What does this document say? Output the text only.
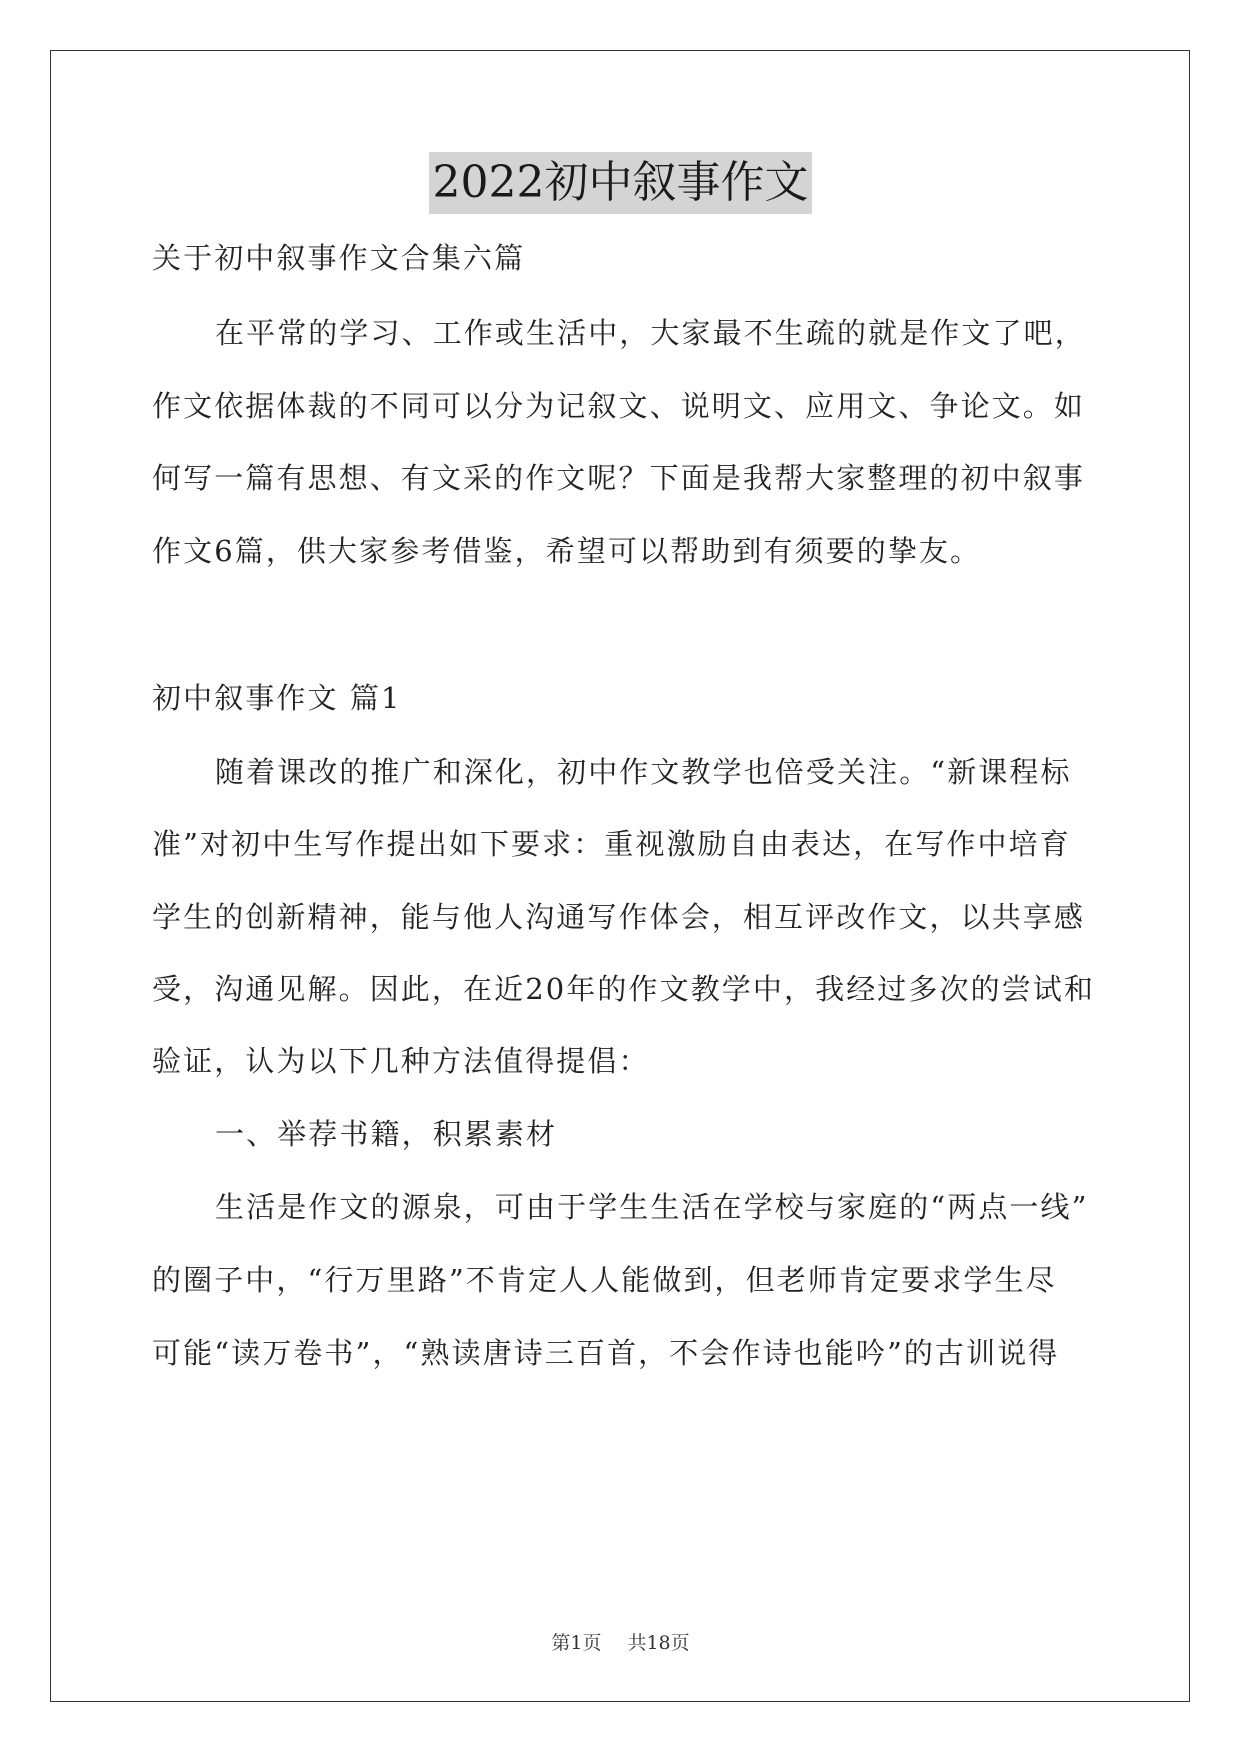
2022初中叙事作文
关于初中叙事作文合集六篇
在平常的学习、工作或生活中，大家最不生疏的就是作文了吧，
作文依据体裁的不同可以分为记叙文、说明文、应用文、争论文。如
何写一篇有思想、有文采的作文呢？下面是我帮大家整理的初中叙事
作文6篇，供大家参考借鉴，希望可以帮助到有须要的挚友。
初中叙事作文 篇1
随着课改的推广和深化，初中作文教学也倍受关注。“新课程标
准”对初中生写作提出如下要求：重视激励自由表达，在写作中培育
学生的创新精神，能与他人沟通写作体会，相互评改作文，以共享感
受，沟通见解。因此，在近20年的作文教学中，我经过多次的尝试和
验证，认为以下几种方法值得提倡：
一、举荐书籍，积累素材
生活是作文的源泉，可由于学生生活在学校与家庭的“两点一线”
的圈子中，“行万里路”不肯定人人能做到，但老师肯定要求学生尽
可能“读万卷书”，“熟读唐诗三百首，不会作诗也能吟”的古训说得
第1页 共18页
